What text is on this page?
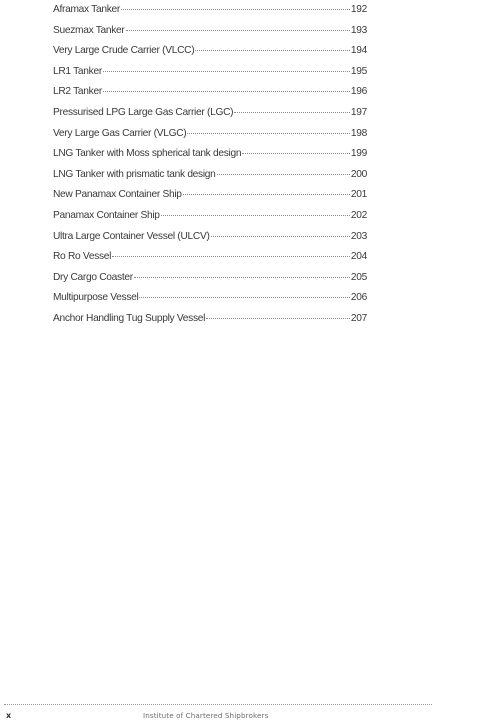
Aframax Tanker	192
Suezmax Tanker	193
Very Large Crude Carrier (VLCC)	194
LR1 Tanker	195
LR2 Tanker	196
Pressurised LPG Large Gas Carrier (LGC)	197
Very Large Gas Carrier (VLGC)	198
LNG Tanker with Moss spherical tank design	199
LNG Tanker with prismatic tank design	200
New Panamax Container Ship	201
Panamax Container Ship	202
Ultra Large Container Vessel (ULCV)	203
Ro Ro Vessel	204
Dry Cargo Coaster	205
Multipurpose Vessel	206
Anchor Handling Tug Supply Vessel	207
x	Institute of Chartered Shipbrokers
